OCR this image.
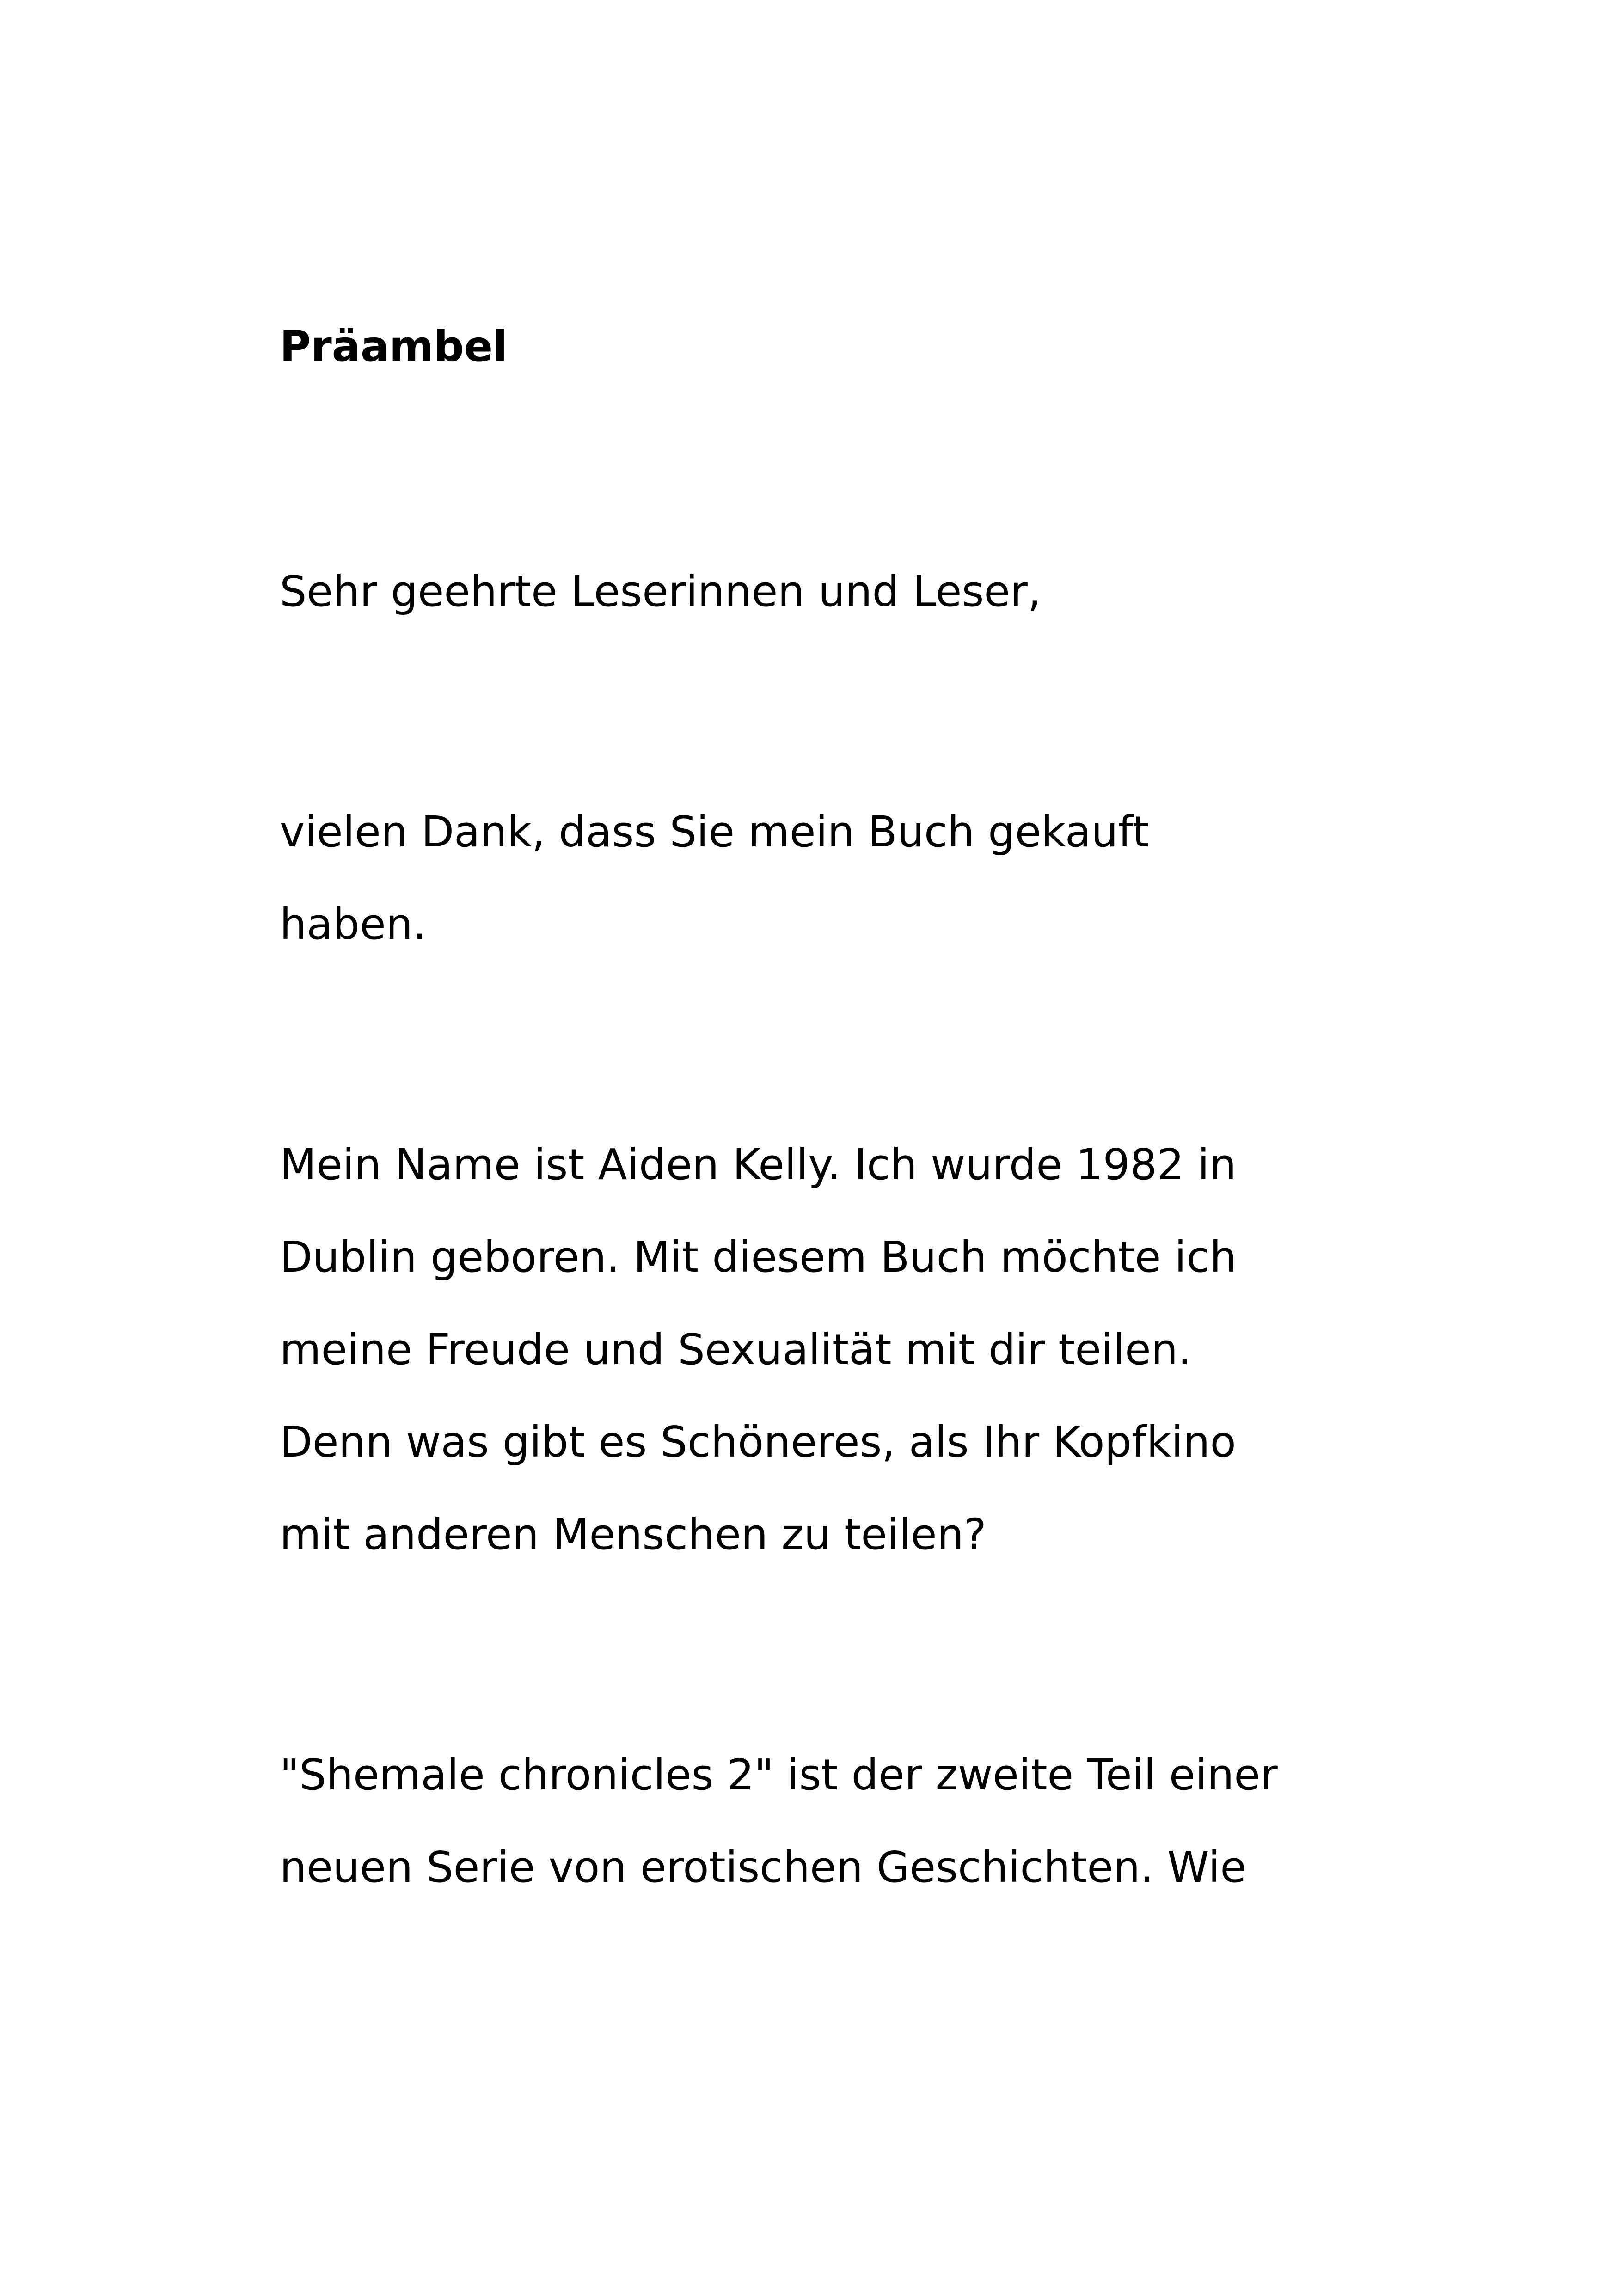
Präambel
Sehr geehrte Leserinnen und Leser,
vielen Dank, dass Sie mein Buch gekauft
haben.
Mein Name ist Aiden Kelly. Ich wurde 1982 in
Dublin geboren. Mit diesem Buch möchte ich
meine Freude und Sexualität mit dir teilen.
Denn was gibt es Schöneres, als Ihr Kopfkino
mit anderen Menschen zu teilen?
"Shemale chronicles 2" ist der zweite Teil einer
neuen Serie von erotischen Geschichten. Wie
